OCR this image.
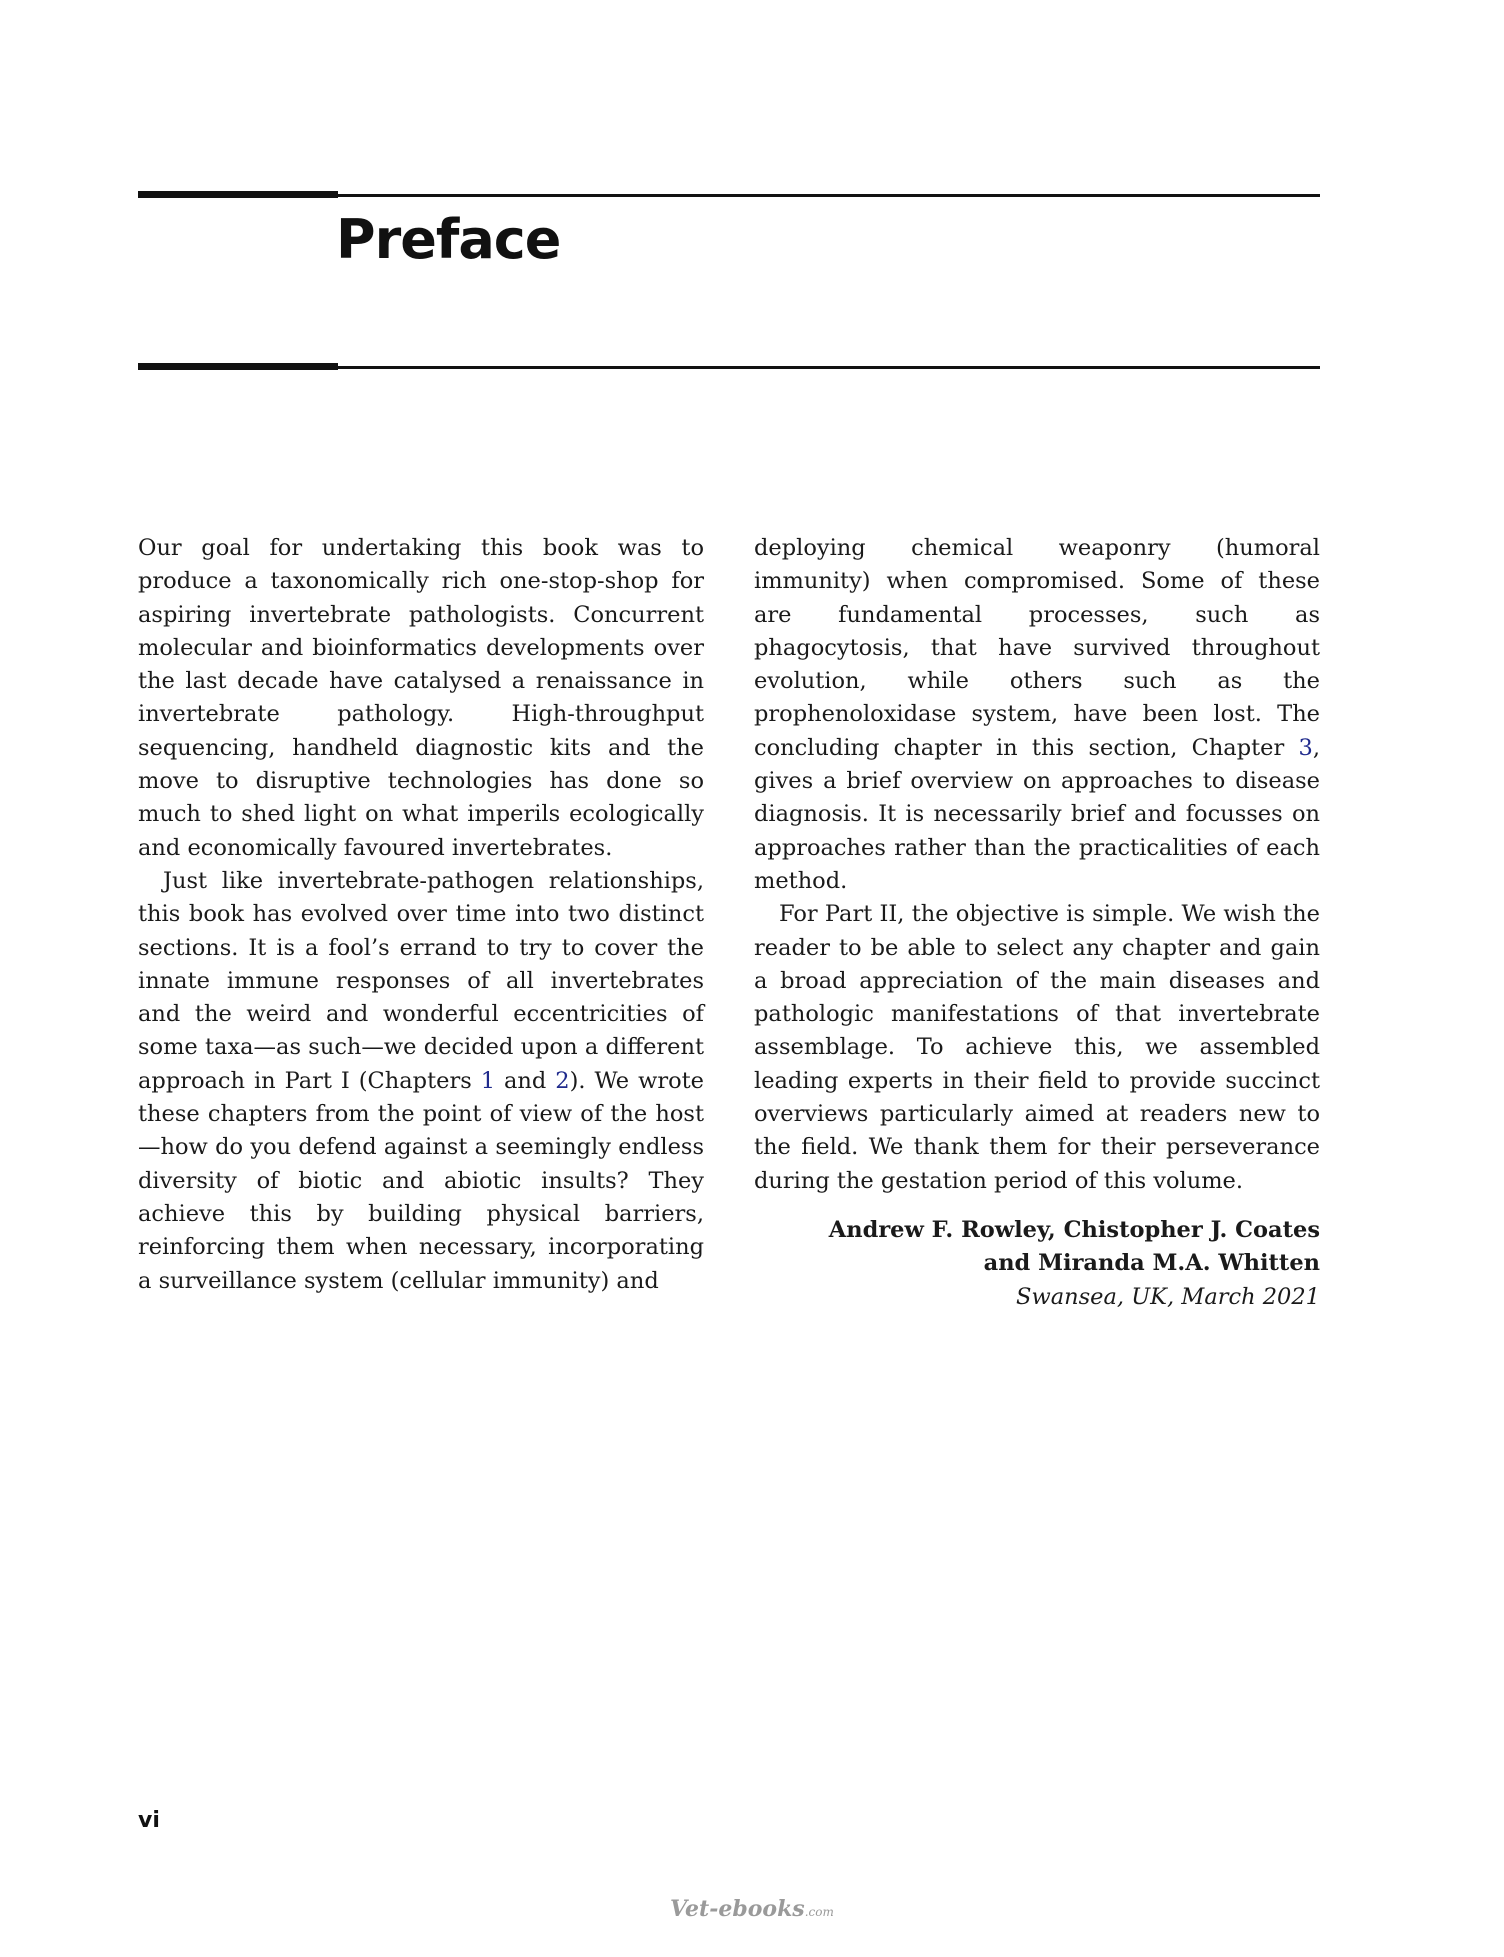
Preface

Our goal for undertaking this book was to produce a taxonomically rich one-stop-shop for aspiring invertebrate pathologists. Concurrent molecular and bioinformatics developments over the last decade have catalysed a renaissance in invertebrate pathology. High-throughput sequencing, handheld diagnostic kits and the move to disruptive technologies has done so much to shed light on what imperils ecologically and economically favoured invertebrates.

Just like invertebrate-pathogen relationships, this book has evolved over time into two distinct sections. It is a fool’s errand to try to cover the innate immune responses of all invertebrates and the weird and wonderful eccentricities of some taxa—as such—we decided upon a different approach in Part I (Chapters 1 and 2). We wrote these chapters from the point of view of the host—how do you defend against a seemingly endless diversity of biotic and abiotic insults? They achieve this by building physical barriers, reinforcing them when necessary, incorporating a surveillance system (cellular immunity) and

deploying chemical weaponry (humoral immunity) when compromised. Some of these are fundamental processes, such as phagocytosis, that have survived throughout evolution, while others such as the prophenoloxidase system, have been lost. The concluding chapter in this section, Chapter 3, gives a brief overview on approaches to disease diagnosis. It is necessarily brief and focusses on approaches rather than the practicalities of each method.

For Part II, the objective is simple. We wish the reader to be able to select any chapter and gain a broad appreciation of the main diseases and pathologic manifestations of that invertebrate assemblage. To achieve this, we assembled leading experts in their field to provide succinct overviews particularly aimed at readers new to the field. We thank them for their perseverance during the gestation period of this volume.

Andrew F. Rowley, Chistopher J. Coates
and Miranda M.A. Whitten
Swansea, UK, March 2021
vi
Vet-ebooks.com
